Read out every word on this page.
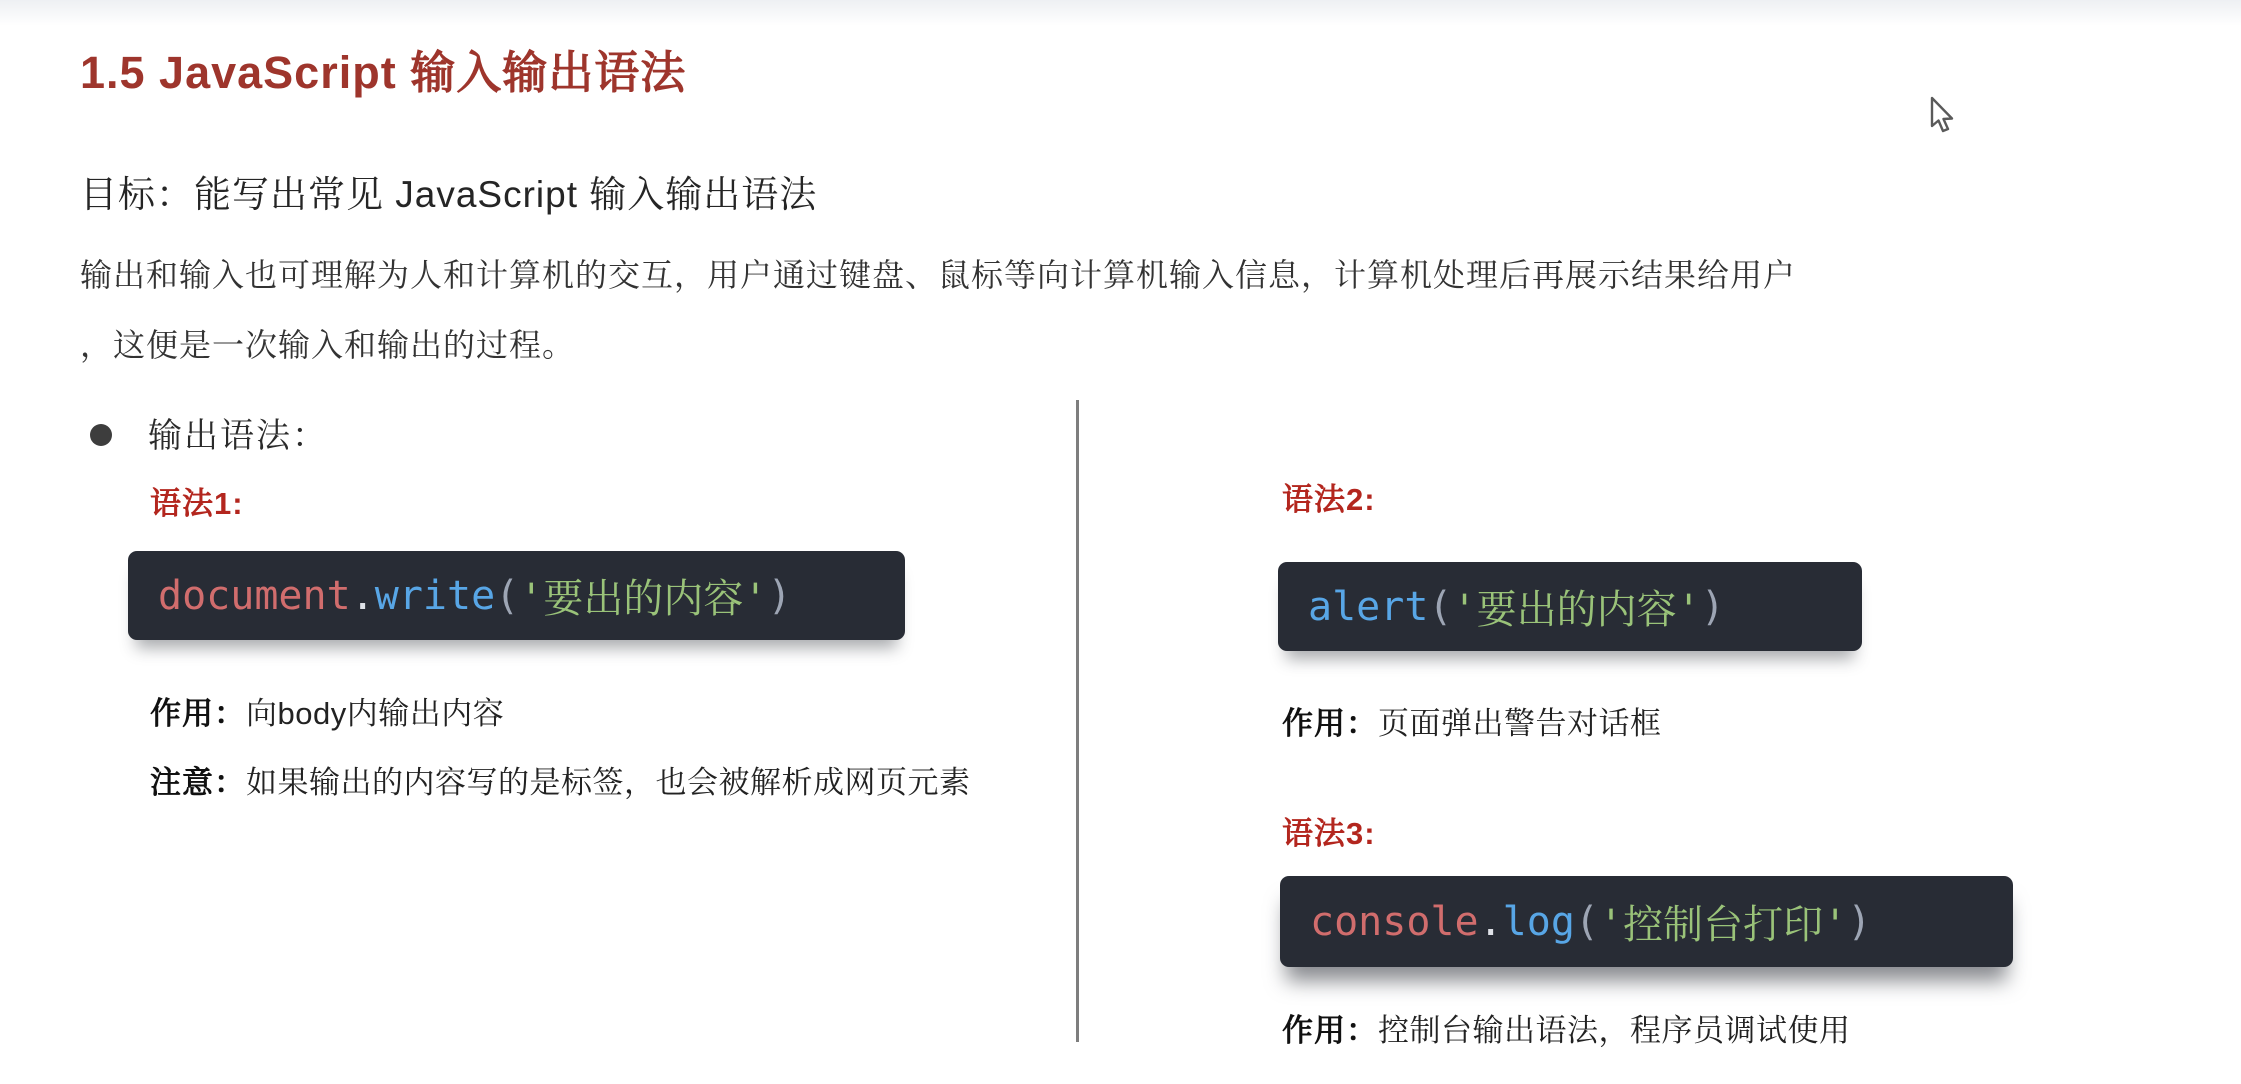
1.5 JavaScript 输入输出语法
目标：能写出常见 JavaScript 输入输出语法
输出和输入也可理解为人和计算机的交互，用户通过键盘、鼠标等向计算机输入信息，计算机处理后再展示结果给用户
，这便是一次输入和输出的过程。
输出语法：
语法1:
document . write ( '要出的内容' )
作用：向body内输出内容
注意：如果输出的内容写的是标签，也会被解析成网页元素
语法2:
alert ( '要出的内容' )
作用：页面弹出警告对话框
语法3:
console . log ( '控制台打印' )
作用：控制台输出语法，程序员调试使用
